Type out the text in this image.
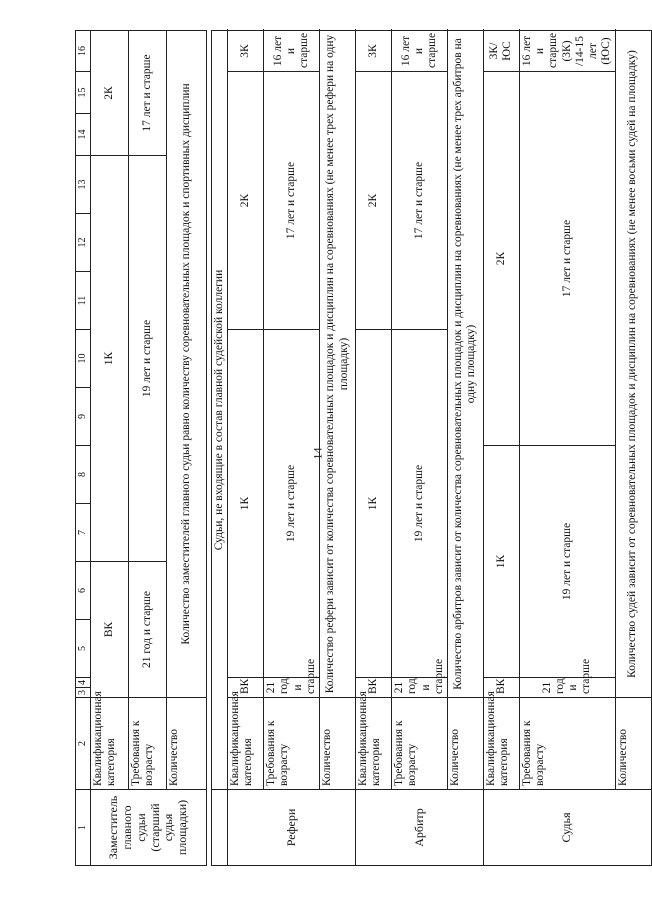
14
1	2	3	4	5	6	7	8	9	10	11	12	13	14	15	16
Заместитель главного судьи (старший судья площадки)	Квалификационная категория	ВК				1К							2К		
	Требования к возрасту	21 год и старше				19 лет и старше							17 лет и старше		
	Количество	Количество заместителей главного судьи равно количеству соревновательных площадок и спортивных дисциплин													

	Судьи, не входящие в состав главной судейской коллегии														
Рефери	Квалификационная категория	ВК		1К						2К					3К
	Требования к возрасту	21 год и старше		19 лет и старше						17 лет и старше					16 лет и старше
	Количество	Количество рефери зависит от количества соревновательных площадок и дисциплин на соревнованиях (не менее трех рефери на одну площадку)													
Арбитр	Квалификационная категория	ВК		1К						2К					3К
	Требования к возрасту	21 год и старше		19 лет и старше						17 лет и старше					16 лет и старше
	Количество	Количество арбитров зависит от количества соревновательных площадок и дисциплин на соревнованиях (не менее трех арбитров на одну площадку)													
Судья	Квалификационная категория	ВК		1К				2К							3К/ЮС
	Требования к возрасту	21 год и старше		19 лет и старше				17 лет и старше							16 лет и старше (3К) /14-15 лет (ЮС)
	Количество	Количество судей зависит от соревновательных площадок и дисциплин на соревнованиях (не менее восьми судей на площадку)													
